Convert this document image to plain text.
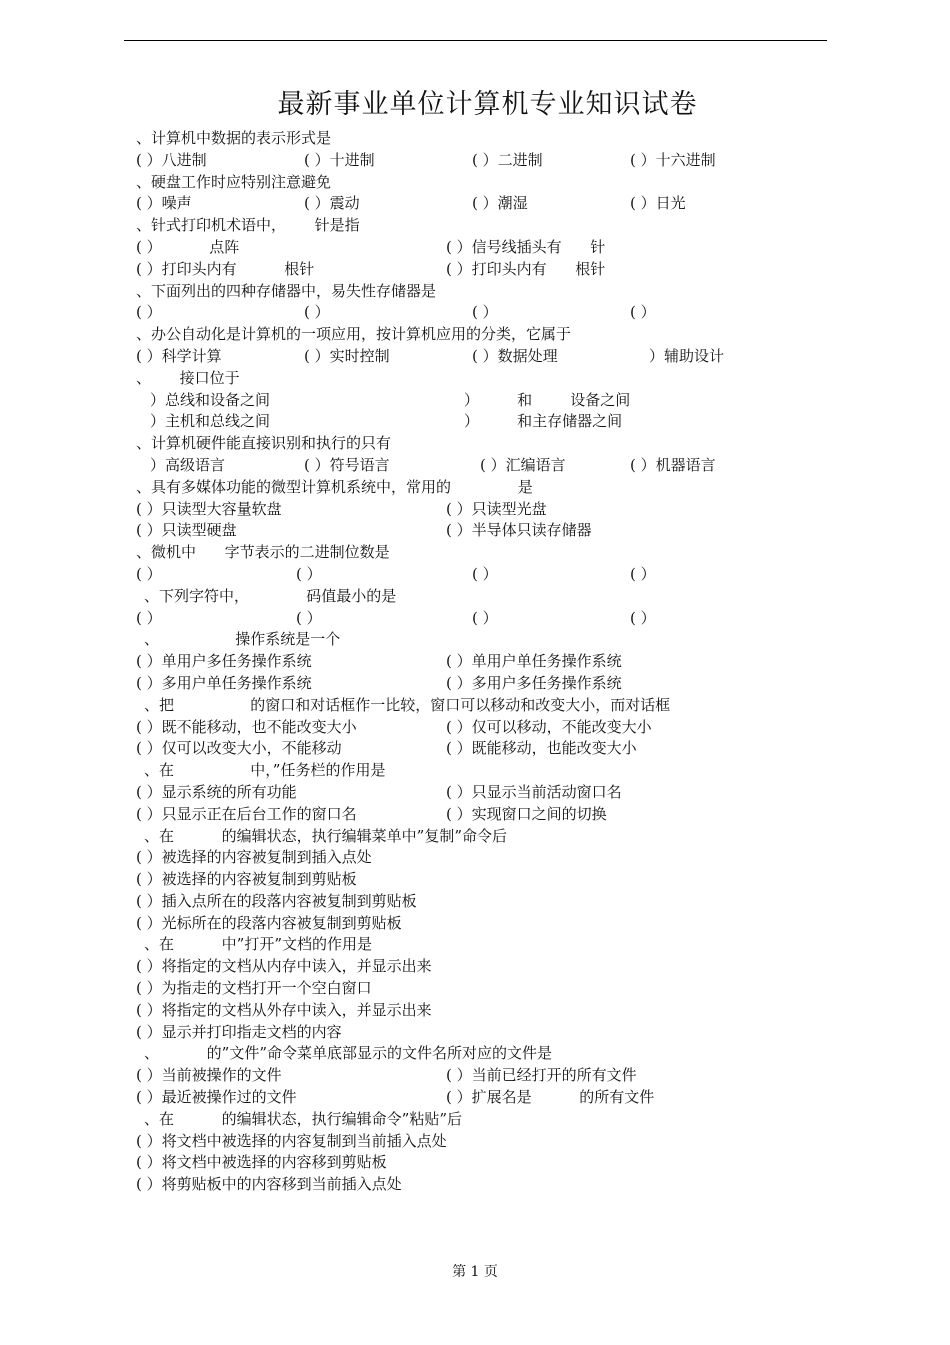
最新事业单位计算机专业知识试卷
、计算机中数据的表示形式是

( ）八进制

	( ）十进制

	( ）二进制

	( ）十六进制

、硬盘工作时应特别注意避免

( ）噪声

	( ）震动

	( ）潮湿

	( ）日光

、针式打印机术语中，      针是指

( ）          点阵

	( ）信号线插头有      针

( ）打印头内有          根针

	( ）打印头内有      根针

、下面列出的四种存储器中，易失性存储器是

( ）

	( ）

	( ）

	( ）

、办公自动化是计算机的一项应用，按计算机应用的分类，它属于

( ）科学计算

	( ）实时控制

	( ）数据处理

	）辅助设计

、      接口位于

）总线和设备之间

	）        和        设备之间

）主机和总线之间

	）        和主存储器之间

、计算机硬件能直接识别和执行的只有

）高级语言

	( ）符号语言

	( ）汇编语言

	( ）机器语言

、具有多媒体功能的微型计算机系统中，常用的              是

( ）只读型大容量软盘

	( ）只读型光盘

( ）只读型硬盘

	( ）半导体只读存储器

、微机中      字节表示的二进制位数是

( ）

	( ）

	( ）

	( ）

、下列字符中，            码值最小的是

( ）

	( ）

	( ）

	( ）

、                操作系统是一个

( ）单用户多任务操作系统

	( ）单用户单任务操作系统

( ）多用户单任务操作系统

	( ）多用户多任务操作系统

、把                的窗口和对话框作一比较，窗口可以移动和改变大小，而对话框

( ）既不能移动，也不能改变大小

	( ）仅可以移动，不能改变大小

( ）仅可以改变大小，不能移动

	( ）既能移动，也能改变大小

、在                中，”任务栏的作用是

( ）显示系统的所有功能

	( ）只显示当前活动窗口名

( ）只显示正在后台工作的窗口名

	( ）实现窗口之间的切换

、在          的编辑状态，执行编辑菜单中”复制”命令后
( ）被选择的内容被复制到插入点处
( ）被选择的内容被复制到剪贴板
( ）插入点所在的段落内容被复制到剪贴板
( ）光标所在的段落内容被复制到剪贴板
、在          中”打开”文档的作用是
( ）将指定的文档从内存中读入，并显示出来
( ）为指走的文档打开一个空白窗口
( ）将指定的文档从外存中读入，并显示出来
( ）显示并打印指走文档的内容
、          的”文件”命令菜单底部显示的文件名所对应的文件是

( ）当前被操作的文件

	( ）当前已经打开的所有文件

( ）最近被操作过的文件

	( ）扩展名是          的所有文件

、在          的编辑状态，执行编辑命令”粘贴”后
( ）将文档中被选择的内容复制到当前插入点处
( ）将文档中被选择的内容移到剪贴板
( ）将剪贴板中的内容移到当前插入点处
第 1 页
